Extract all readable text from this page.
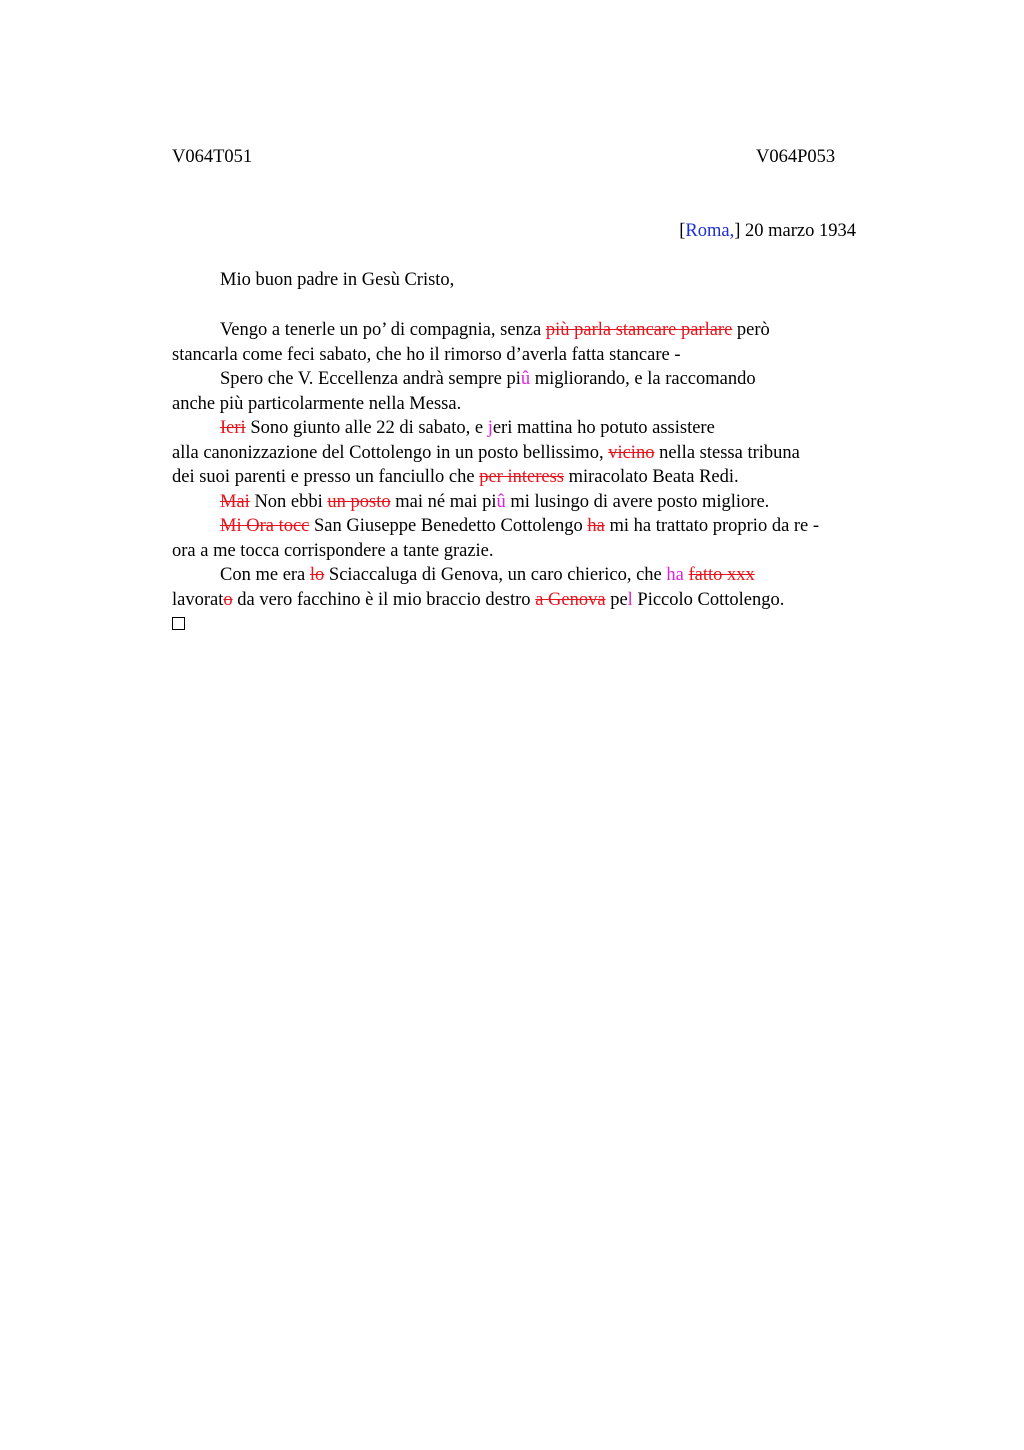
V064T051	V064P053
[Roma,] 20 marzo 1934
Mio buon padre in Gesù Cristo,
Vengo a tenerle un po’ di compagnia, senza più parla stancare parlare però
stancarla come feci sabato, che ho il rimorso d’averla fatta stancare -
Spero che V. Eccellenza andrà sempre piû migliorando, e la raccomando
anche più particolarmente nella Messa.
Ieri Sono giunto alle 22 di sabato, e jeri mattina ho potuto assistere
alla canonizzazione del Cottolengo in un posto bellissimo, vicino nella stessa tribuna
dei suoi parenti e presso un fanciullo che per interess miracolato Beata Redi.
Mai Non ebbi un posto mai né mai piû mi lusingo di avere posto migliore.
Mi Ora tocc San Giuseppe Benedetto Cottolengo ha mi ha trattato proprio da re -
ora a me tocca corrispondere a tante grazie.
Con me era lo Sciaccaluga di Genova, un caro chierico, che ha fatto xxx
lavorato da vero facchino è il mio braccio destro a Genova pel Piccolo Cottolengo.
